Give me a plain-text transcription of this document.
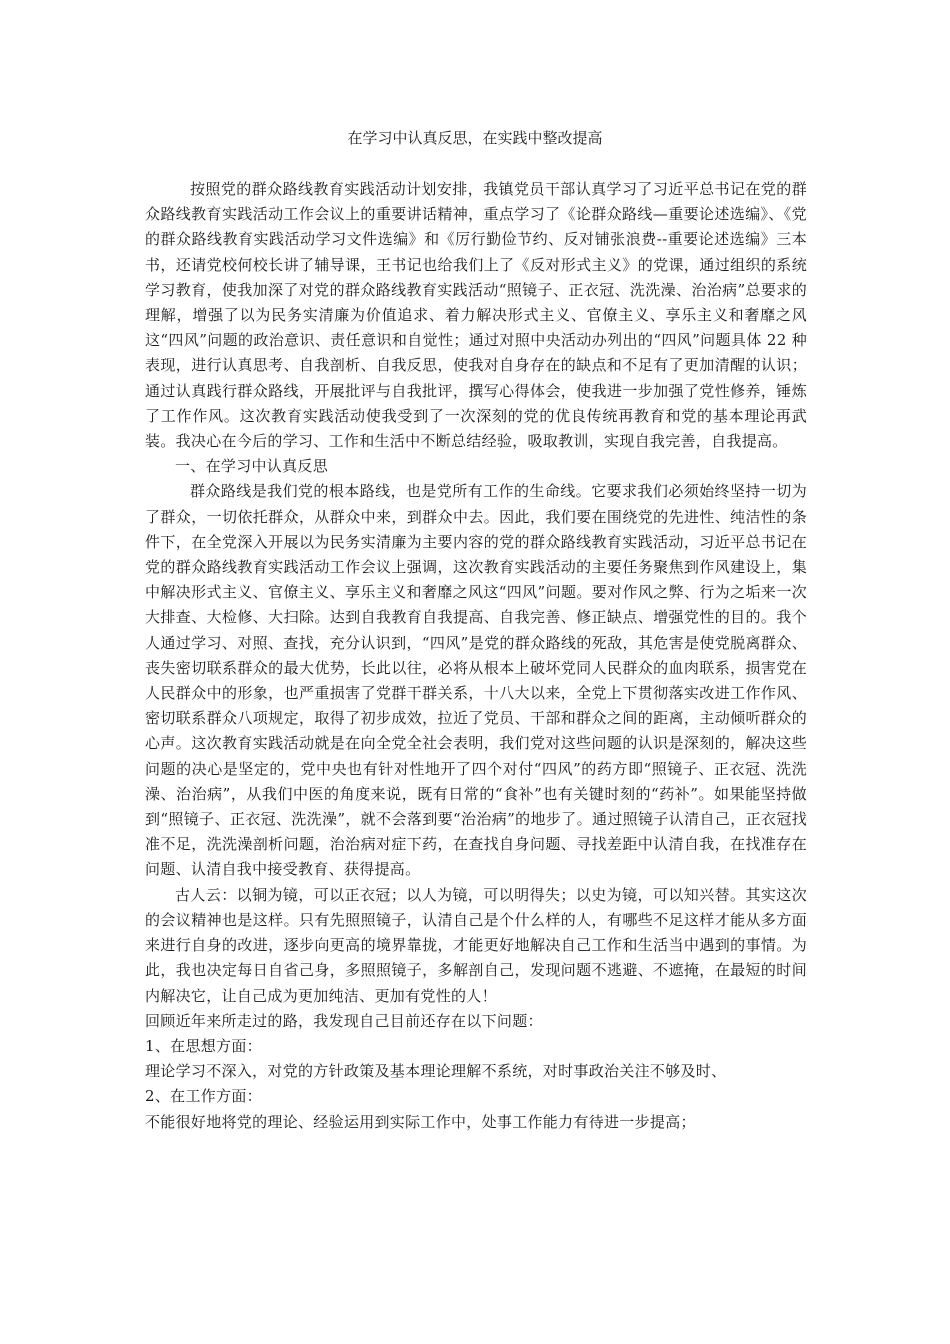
在学习中认真反思，在实践中整改提高

按照党的群众路线教育实践活动计划安排，我镇党员干部认真学习了习近平总书记在党的群众路线教育实践活动工作会议上的重要讲话精神，重点学习了《论群众路线—重要论述选编》、《党的群众路线教育实践活动学习文件选编》和《厉行勤俭节约、反对铺张浪费--重要论述选编》三本书，还请党校何校长讲了辅导课，王书记也给我们上了《反对形式主义》的党课，通过组织的系统学习教育，使我加深了对党的群众路线教育实践活动“照镜子、正衣冠、洗洗澡、治治病”总要求的理解，增强了以为民务实清廉为价值追求、着力解决形式主义、官僚主义、享乐主义和奢靡之风这“四风”问题的政治意识、责任意识和自觉性；通过对照中央活动办列出的“四风”问题具体 22 种表现，进行认真思考、自我剖析、自我反思，使我对自身存在的缺点和不足有了更加清醒的认识；通过认真践行群众路线，开展批评与自我批评，撰写心得体会，使我进一步加强了党性修养，锤炼了工作作风。这次教育实践活动使我受到了一次深刻的党的优良传统再教育和党的基本理论再武装。我决心在今后的学习、工作和生活中不断总结经验，吸取教训，实现自我完善，自我提高。

一、在学习中认真反思

群众路线是我们党的根本路线，也是党所有工作的生命线。它要求我们必须始终坚持一切为了群众，一切依托群众，从群众中来，到群众中去。因此，我们要在围绕党的先进性、纯洁性的条件下，在全党深入开展以为民务实清廉为主要内容的党的群众路线教育实践活动，习近平总书记在党的群众路线教育实践活动工作会议上强调，这次教育实践活动的主要任务聚焦到作风建设上，集中解决形式主义、官僚主义、享乐主义和奢靡之风这“四风”问题。要对作风之弊、行为之垢来一次大排查、大检修、大扫除。达到自我教育自我提高、自我完善、修正缺点、增强党性的目的。我个人通过学习、对照、查找，充分认识到，“四风”是党的群众路线的死敌，其危害是使党脱离群众、丧失密切联系群众的最大优势，长此以往，必将从根本上破坏党同人民群众的血肉联系，损害党在人民群众中的形象，也严重损害了党群干群关系，十八大以来，全党上下贯彻落实改进工作作风、密切联系群众八项规定，取得了初步成效，拉近了党员、干部和群众之间的距离，主动倾听群众的心声。这次教育实践活动就是在向全党全社会表明，我们党对这些问题的认识是深刻的，解决这些问题的决心是坚定的，党中央也有针对性地开了四个对付“四风”的药方即“照镜子、正衣冠、洗洗澡、治治病”，从我们中医的角度来说，既有日常的“食补”也有关键时刻的“药补”。如果能坚持做到“照镜子、正衣冠、洗洗澡”，就不会落到要“治治病”的地步了。通过照镜子认清自己，正衣冠找准不足，洗洗澡剖析问题，治治病对症下药，在查找自身问题、寻找差距中认清自我，在找准存在问题、认清自我中接受教育、获得提高。

古人云：以铜为镜，可以正衣冠；以人为镜，可以明得失；以史为镜，可以知兴替。其实这次的会议精神也是这样。只有先照照镜子，认清自己是个什么样的人，有哪些不足这样才能从多方面来进行自身的改进，逐步向更高的境界靠拢，才能更好地解决自己工作和生活当中遇到的事情。为此，我也决定每日自省己身，多照照镜子，多解剖自己，发现问题不逃避、不遮掩，在最短的时间内解决它，让自己成为更加纯洁、更加有党性的人！

回顾近年来所走过的路，我发现自己目前还存在以下问题：

1、在思想方面：

理论学习不深入，对党的方针政策及基本理论理解不系统，对时事政治关注不够及时、

2、在工作方面：

不能很好地将党的理论、经验运用到实际工作中，处事工作能力有待进一步提高；
